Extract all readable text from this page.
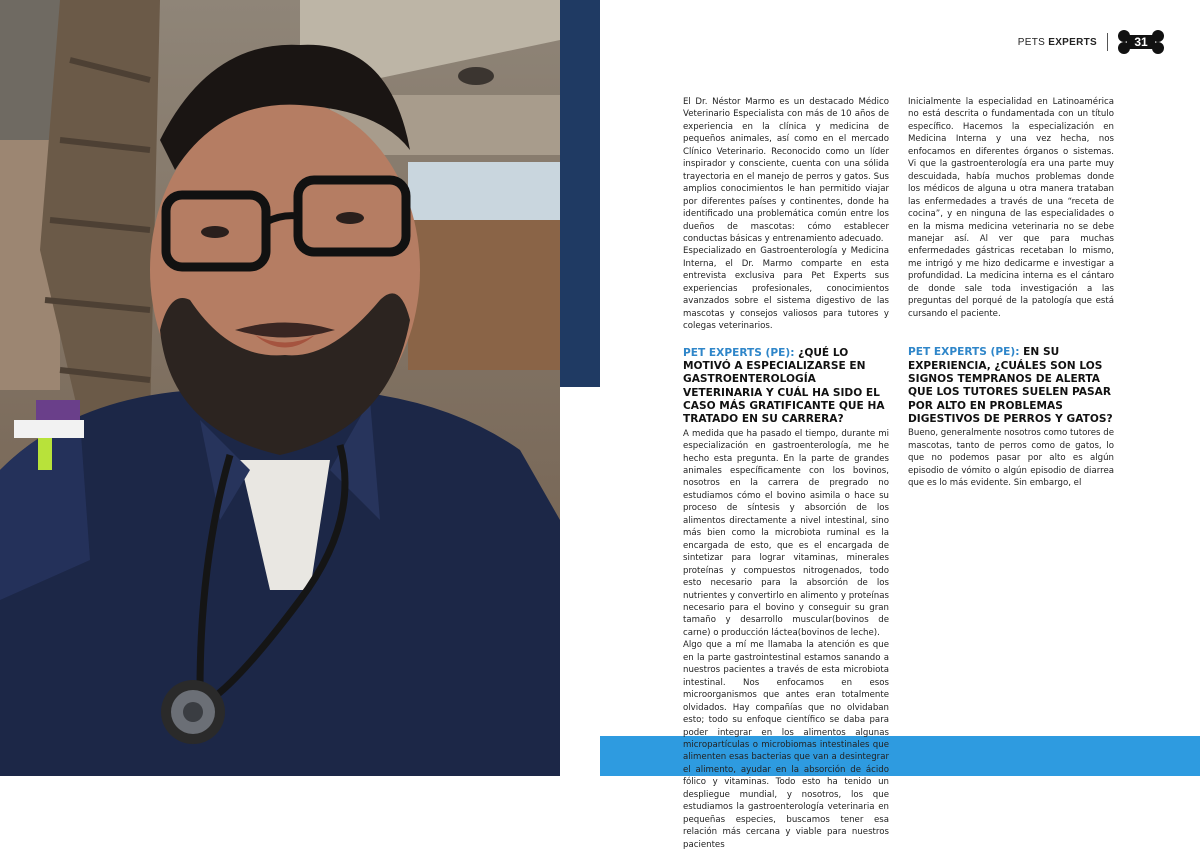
PETS EXPERTS	31

El Dr. Néstor Marmo es un destacado Médico Veterinario Especialista con más de 10 años de experiencia en la clínica y medicina de pequeños animales, así como en el mercado Clínico Veterinario. Reconocido como un líder inspirador y consciente, cuenta con una sólida trayectoria en el manejo de perros y gatos. Sus amplios conocimientos le han permitido viajar por diferentes países y continentes, donde ha identificado una problemática común entre los dueños de mascotas: cómo establecer conductas básicas y entrenamiento adecuado.

Especializado en Gastroenterología y Medicina Interna, el Dr. Marmo comparte en esta entrevista exclusiva para Pet Experts sus experiencias profesionales, conocimientos avanzados sobre el sistema digestivo de las mascotas y consejos valiosos para tutores y colegas veterinarios.

PET EXPERTS (PE): ¿QUÉ LO MOTIVÓ A ESPECIALIZARSE EN GASTROENTEROLOGÍA VETERINARIA Y CUÁL HA SIDO EL CASO MÁS GRATIFICANTE QUE HA TRATADO EN SU CARRERA?

A medida que ha pasado el tiempo, durante mi especialización en gastroenterología, me he hecho esta pregunta. En la parte de grandes animales específicamente con los bovinos, nosotros en la carrera de pregrado no estudiamos cómo el bovino asimila o hace su proceso de síntesis y absorción de los alimentos directamente a nivel intestinal, sino más bien como la microbiota ruminal es la encargada de esto, que es el encargada de sintetizar para lograr vitaminas, minerales proteínas y compuestos nitrogenados, todo esto necesario para la absorción de los nutrientes y convertirlo en alimento y proteínas necesario para el bovino y conseguir su gran tamaño y desarrollo muscular(bovinos de carne) o producción láctea(bovinos de leche).

Algo que a mí me llamaba la atención es que en la parte gastrointestinal estamos sanando a nuestros pacientes a través de esta microbiota intestinal. Nos enfocamos en esos microorganismos que antes eran totalmente olvidados. Hay compañías que no olvidaban esto; todo su enfoque científico se daba para poder integrar en los alimentos algunas micropartículas o microbiomas intestinales que alimenten esas bacterias que van a desintegrar el alimento, ayudar en la absorción de ácido fólico y vitaminas. Todo esto ha tenido un despliegue mundial, y nosotros, los que estudiamos la gastroenterología veterinaria en pequeñas especies, buscamos tener esa relación más cercana y viable para nuestros pacientes

Inicialmente la especialidad en Latinoamérica no está descrita o fundamentada con un título específico. Hacemos la especialización en Medicina Interna y una vez hecha, nos enfocamos en diferentes órganos o sistemas. Vi que la gastroenterología era una parte muy descuidada, había muchos problemas donde los médicos de alguna u otra manera trataban las enfermedades a través de una “receta de cocina”, y en ninguna de las especialidades o en la misma medicina veterinaria no se debe manejar así. Al ver que para muchas enfermedades gástricas recetaban lo mismo, me intrigó y me hizo dedicarme e investigar a profundidad. La medicina interna es el cántaro de donde sale toda investigación a las preguntas del porqué de la patología que está cursando el paciente.

PET EXPERTS (PE): EN SU EXPERIENCIA, ¿CUÁLES SON LOS SIGNOS TEMPRANOS DE ALERTA QUE LOS TUTORES SUELEN PASAR POR ALTO EN PROBLEMAS DIGESTIVOS DE PERROS Y GATOS?

Bueno, generalmente nosotros como tutores de mascotas, tanto de perros como de gatos, lo que no podemos pasar por alto es algún episodio de vómito o algún episodio de diarrea que es lo más evidente. Sin embargo, el
